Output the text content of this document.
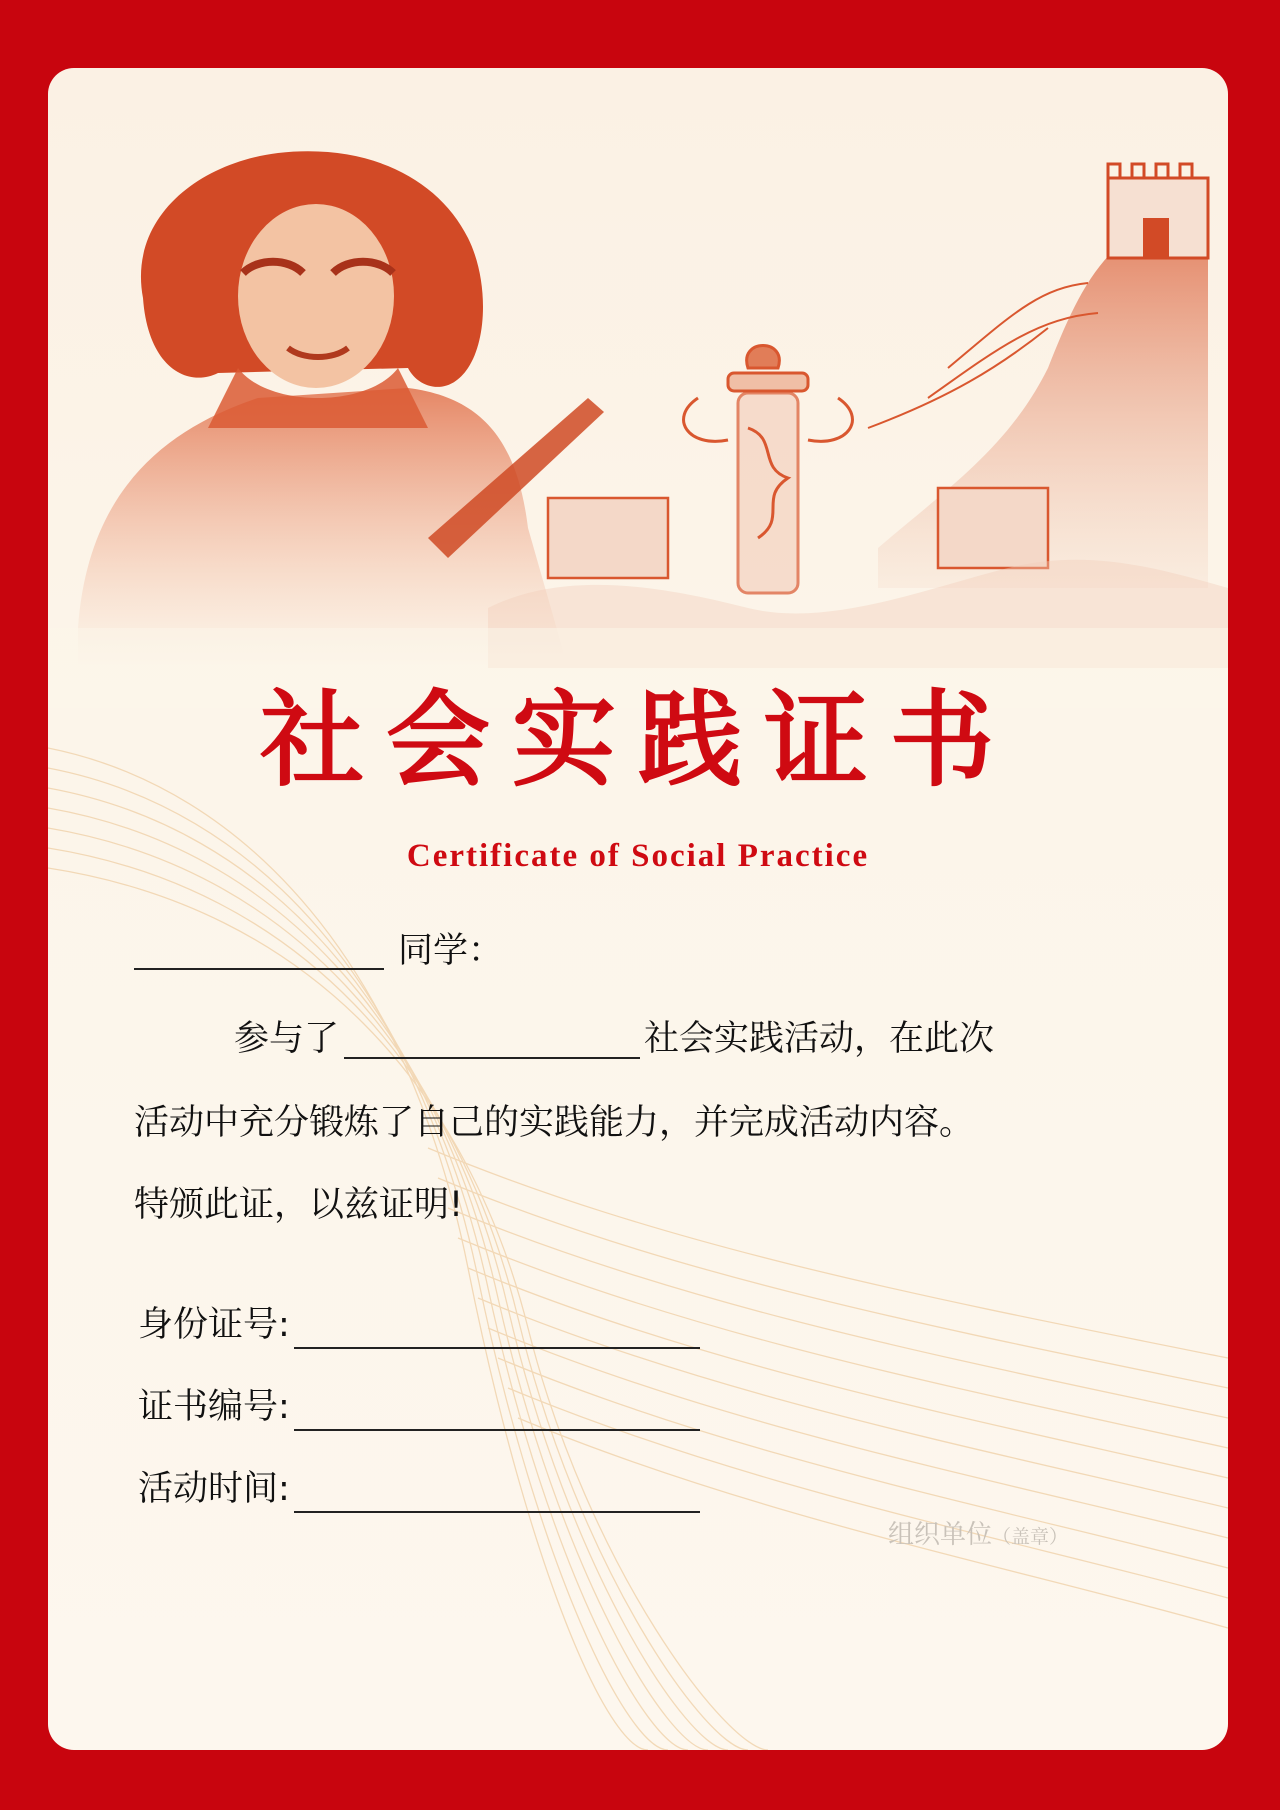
社会实践证书
Certificate of Social Practice
同学：
参与了	社会实践活动，在此次
活动中充分锻炼了自己的实践能力，并完成活动内容。
特颁此证，以兹证明!
身份证号:
证书编号:
活动时间:
组织单位（盖章）
